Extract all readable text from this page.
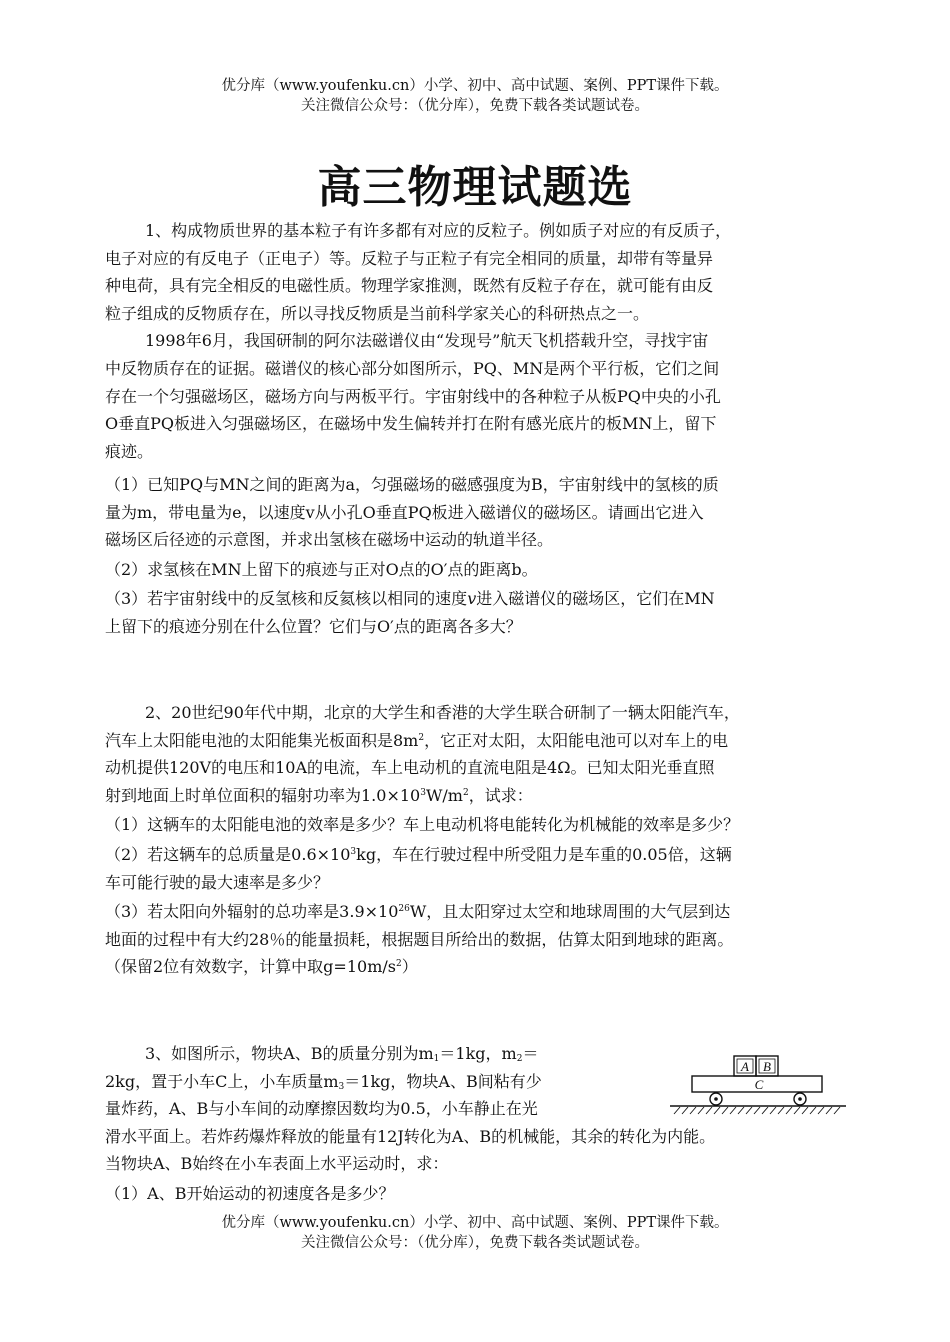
优分库（www.youfenku.cn）小学、初中、高中试题、案例、PPT课件下载。
关注微信公众号：（优分库），免费下载各类试题试卷。
高三物理试题选
1、构成物质世界的基本粒子有许多都有对应的反粒子。例如质子对应的有反质子，
电子对应的有反电子（正电子）等。反粒子与正粒子有完全相同的质量，却带有等量异
种电荷，具有完全相反的电磁性质。物理学家推测，既然有反粒子存在，就可能有由反
粒子组成的反物质存在，所以寻找反物质是当前科学家关心的科研热点之一。
1998年6月，我国研制的阿尔法磁谱仪由“发现号”航天飞机搭载升空，寻找宇宙
中反物质存在的证据。磁谱仪的核心部分如图所示，PQ、MN是两个平行板，它们之间
存在一个匀强磁场区，磁场方向与两板平行。宇宙射线中的各种粒子从板PQ中央的小孔
O垂直PQ板进入匀强磁场区，在磁场中发生偏转并打在附有感光底片的板MN上，留下
痕迹。
（1）已知PQ与MN之间的距离为a，匀强磁场的磁感强度为B，宇宙射线中的氢核的质
量为m，带电量为e，以速度v从小孔O垂直PQ板进入磁谱仪的磁场区。请画出它进入
磁场区后径迹的示意图，并求出氢核在磁场中运动的轨道半径。
（2）求氢核在MN上留下的痕迹与正对O点的O′点的距离b。
（3）若宇宙射线中的反氢核和反氦核以相同的速度v进入磁谱仪的磁场区，它们在MN
上留下的痕迹分别在什么位置？它们与O′点的距离各多大？
2、20世纪90年代中期，北京的大学生和香港的大学生联合研制了一辆太阳能汽车，
汽车上太阳能电池的太阳能集光板面积是$8m^2$，它正对太阳，太阳能电池可以对车上的电
动机提供120V的电压和10A的电流，车上电动机的直流电阻是4Ω。已知太阳光垂直照
射到地面上时单位面积的辐射功率为$1.0\times 10^3W/m^2$，试求：
（1）这辆车的太阳能电池的效率是多少？车上电动机将电能转化为机械能的效率是多少？
（2）若这辆车的总质量是$0.6\times 10^3kg$，车在行驶过程中所受阻力是车重的0.05倍，这辆
车可能行驶的最大速率是多少？
（3）若太阳向外辐射的总功率是$3.9\times 10^{26}W$，且太阳穿过太空和地球周围的大气层到达
地面的过程中有大约28％的能量损耗，根据题目所给出的数据，估算太阳到地球的距离。
（保留2位有效数字，计算中取$g=10m/s^2$）
3、如图所示，物块A、B的质量分别为$m_1=1kg$，$m_2=$
2kg，置于小车C上，小车质量$m_3=1kg$，物块A、B间粘有少
量炸药，A、B与小车间的动摩擦因数均为0.5，小车静止在光
滑水平面上。若炸药爆炸释放的能量有12J转化为A、B的机械能，其余的转化为内能。
当物块A、B始终在小车表面上水平运动时，求：
（1）A、B开始运动的初速度各是多少？
A B
C
优分库（www.youfenku.cn）小学、初中、高中试题、案例、PPT课件下载。
关注微信公众号：（优分库），免费下载各类试题试卷。
